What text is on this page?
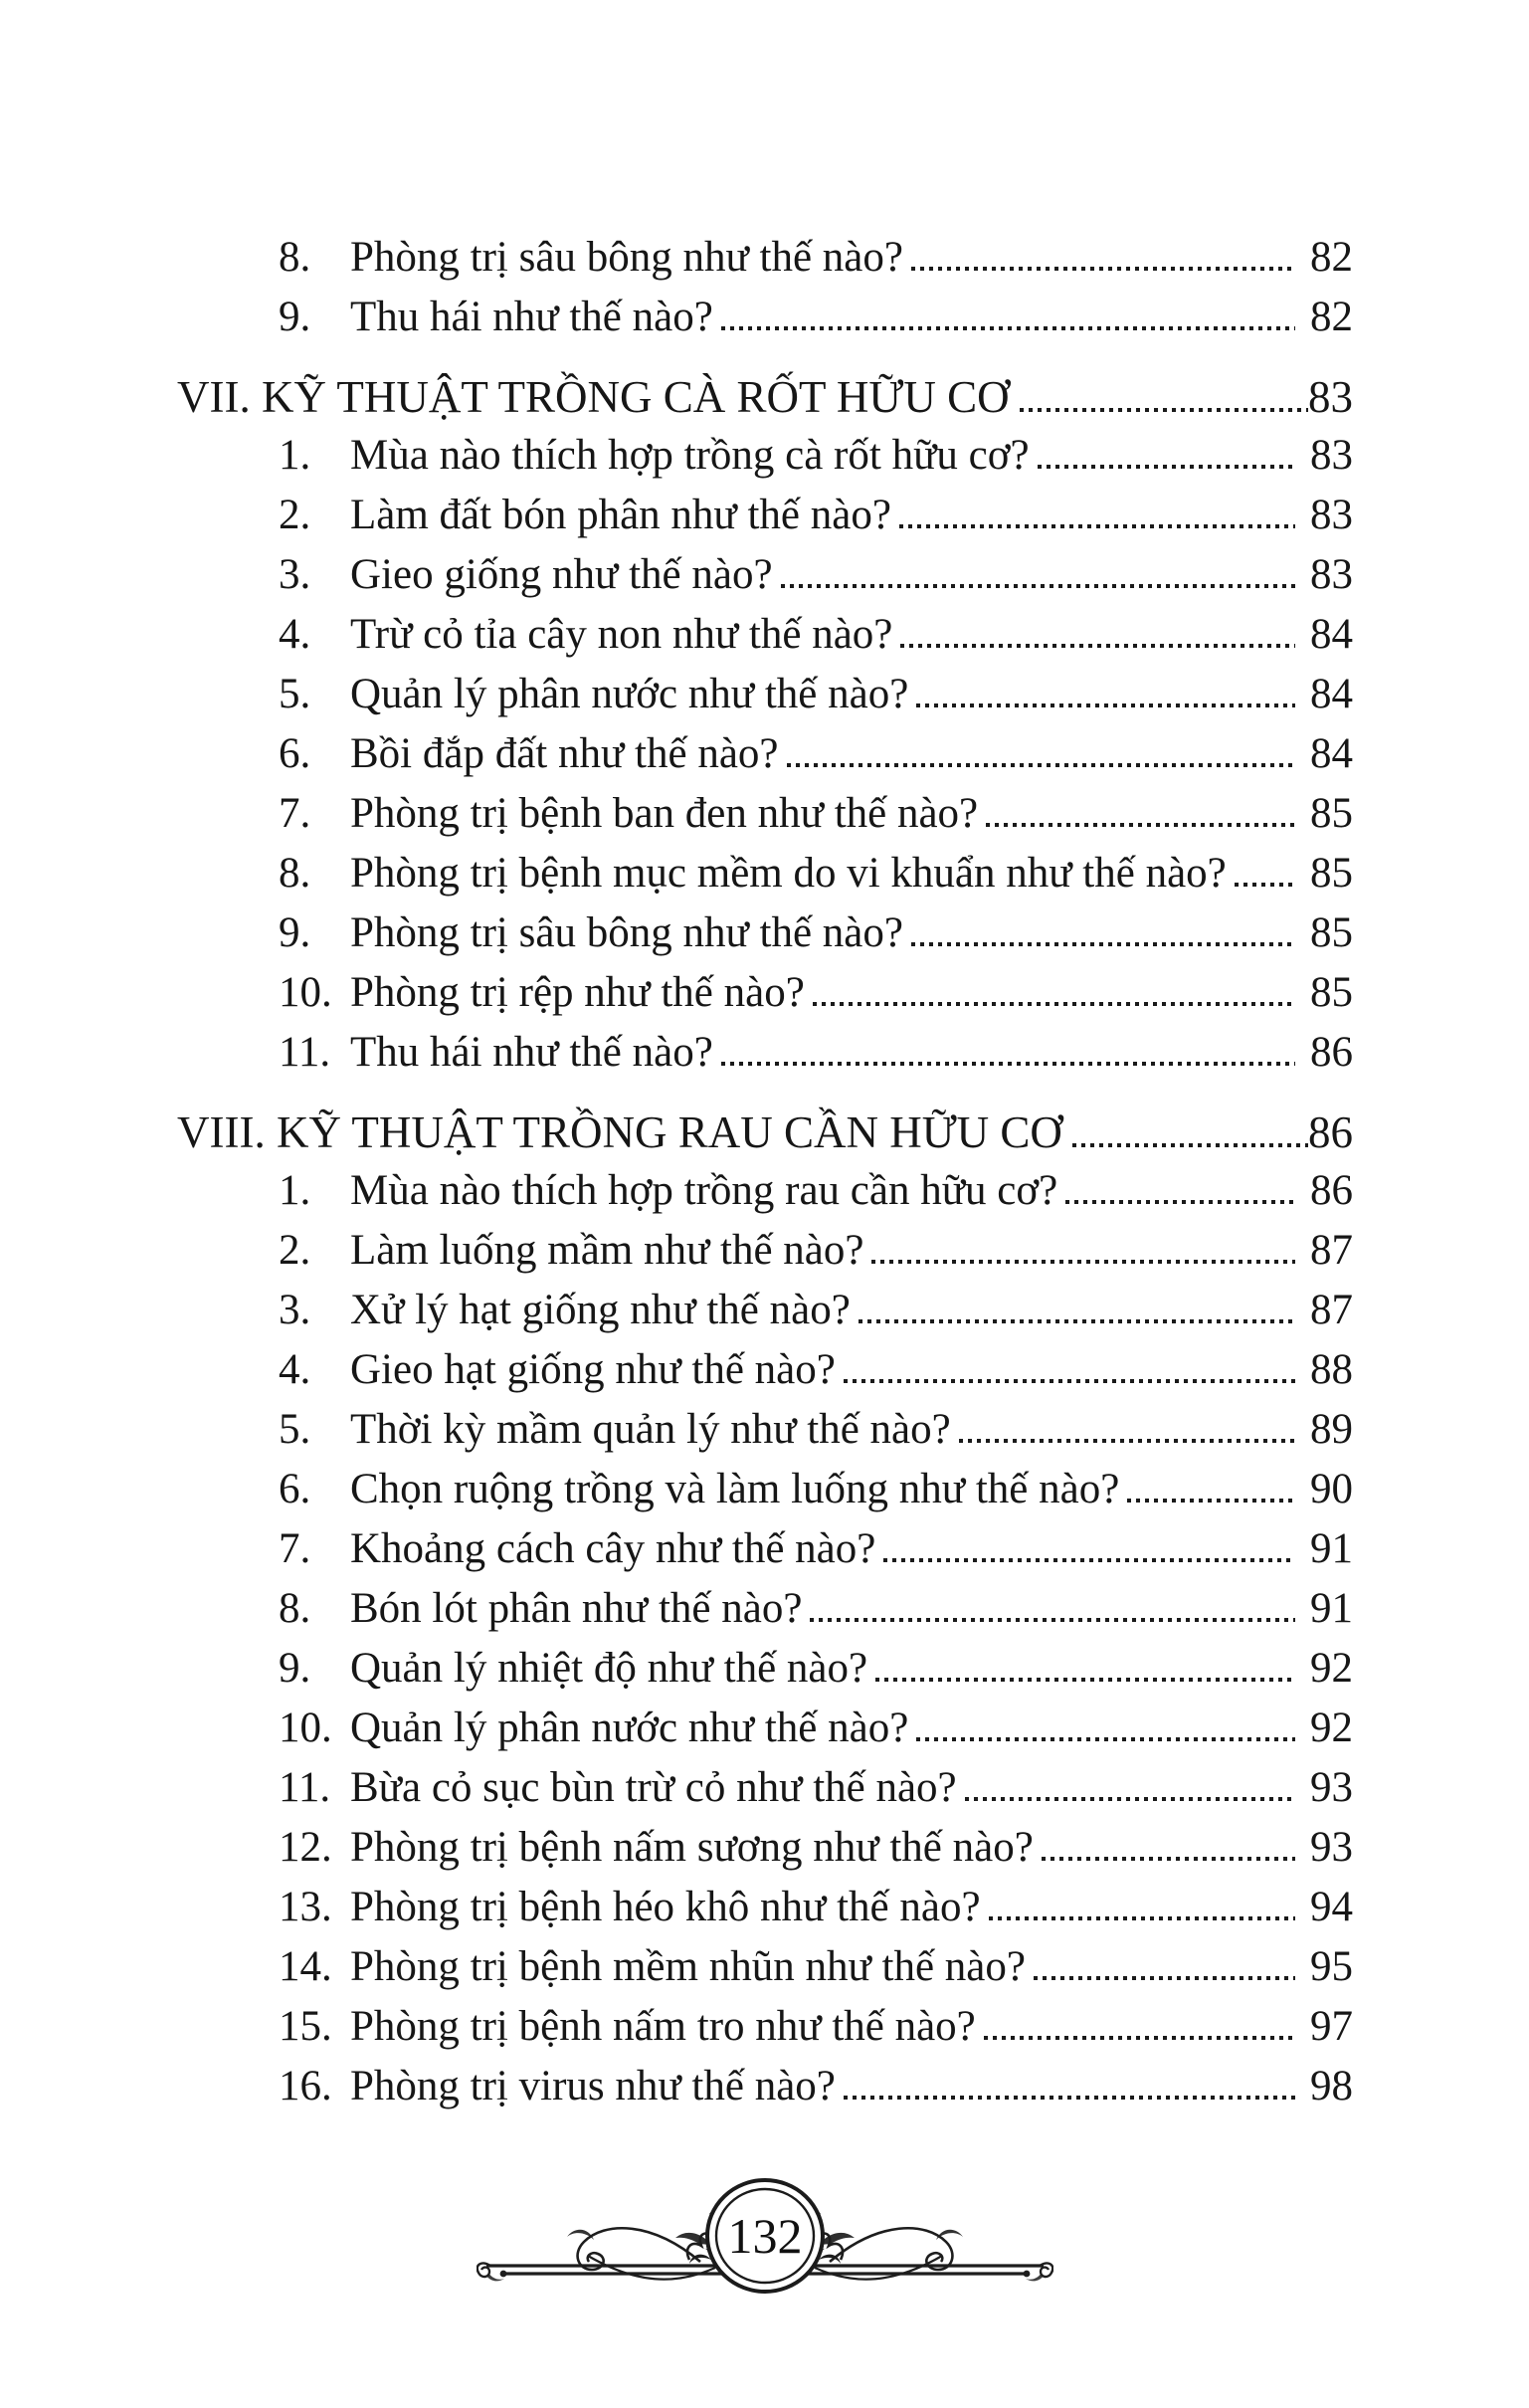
8. Phòng trị sâu bông như thế nào?	82
9. Thu hái như thế nào?	82
VII. KỸ THUẬT TRỒNG CÀ RỐT HỮU CƠ	83
1. Mùa nào thích hợp trồng cà rốt hữu cơ?	83
2. Làm đất bón phân như thế nào?	83
3. Gieo giống như thế nào?	83
4. Trừ cỏ tỉa cây non như thế nào?	84
5. Quản lý phân nước như thế nào?	84
6. Bồi đắp đất như thế nào?	84
7. Phòng trị bệnh ban đen như thế nào?	85
8. Phòng trị bệnh mục mềm do vi khuẩn như thế nào? 85
9. Phòng trị sâu bông như thế nào?	85
10. Phòng trị rệp như thế nào?	85
11. Thu hái như thế nào?	86
VIII. KỸ THUẬT TRỒNG RAU CẦN HỮU CƠ	86
1. Mùa nào thích hợp trồng rau cần hữu cơ?	86
2. Làm luống mầm như thế nào?	87
3. Xử lý hạt giống như thế nào?	87
4. Gieo hạt giống như thế nào?	88
5. Thời kỳ mầm quản lý như thế nào?	89
6. Chọn ruộng trồng và làm luống như thế nào?	90
7. Khoảng cách cây như thế nào?	91
8. Bón lót phân như thế nào?	91
9. Quản lý nhiệt độ như thế nào?	92
10. Quản lý phân nước như thế nào?	92
11. Bừa cỏ sục bùn trừ cỏ như thế nào?	93
12. Phòng trị bệnh nấm sương như thế nào?	93
13. Phòng trị bệnh héo khô như thế nào?	94
14. Phòng trị bệnh mềm nhũn như thế nào?	95
15. Phòng trị bệnh nấm tro như thế nào?	97
16. Phòng trị virus như thế nào?	98
132
